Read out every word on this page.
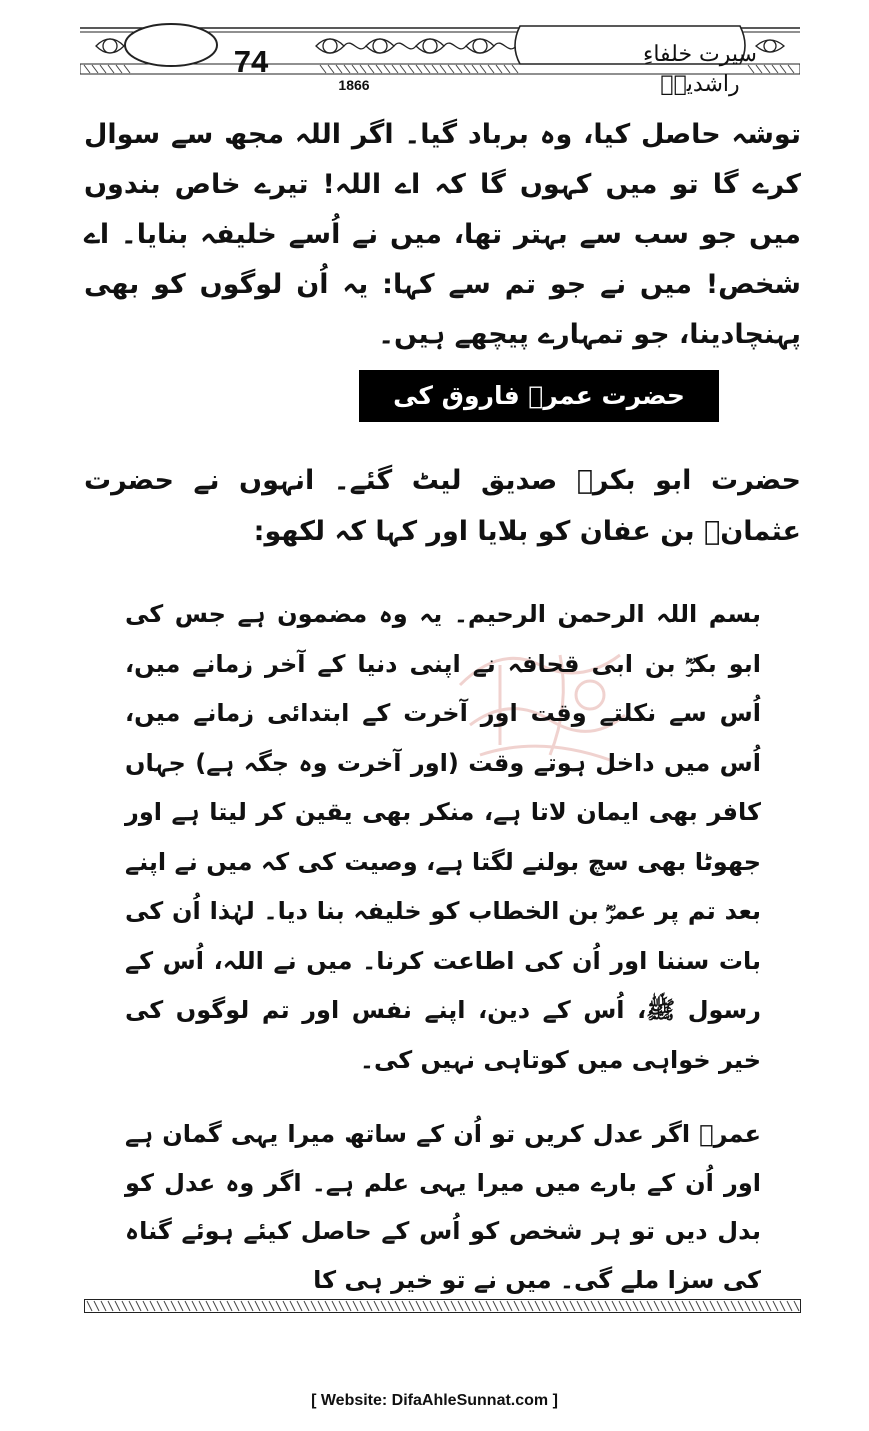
74
1866
سیرت خلفاءِ راشدینؓ
توشہ حاصل کیا، وہ برباد گیا۔ اگر اللہ مجھ سے سوال کرے گا تو میں کہوں گا کہ اے اللہ! تیرے خاص بندوں میں جو سب سے بہتر تھا، میں نے اُسے خلیفہ بنایا۔ اے شخص! میں نے جو تم سے کہا: یہ اُن لوگوں کو بھی پہنچادینا، جو تمہارے پیچھے ہیں۔
حضرت عمرؓ فاروق کی نامزدگی کا فرمان
حضرت ابو بکرؓ صدیق لیٹ گئے۔ انہوں نے حضرت عثمانؓ بن عفان کو بلایا اور کہا کہ لکھو:
بسم اللہ الرحمن الرحیم۔ یہ وہ مضمون ہے جس کی ابو بکرؓ بن ابی قحافہ نے اپنی دنیا کے آخر زمانے میں، اُس سے نکلتے وقت اور آخرت کے ابتدائی زمانے میں، اُس میں داخل ہوتے وقت (اور آخرت وہ جگہ ہے) جہاں کافر بھی ایمان لاتا ہے، منکر بھی یقین کر لیتا ہے اور جھوٹا بھی سچ بولنے لگتا ہے، وصیت کی کہ میں نے اپنے بعد تم پر عمرؓ بن الخطاب کو خلیفہ بنا دیا۔ لہٰذا اُن کی بات سننا اور اُن کی اطاعت کرنا۔ میں نے اللہ، اُس کے رسول ﷺ، اُس کے دین، اپنے نفس اور تم لوگوں کی خیر خواہی میں کوتاہی نہیں کی۔
عمرؓ اگر عدل کریں تو اُن کے ساتھ میرا یہی گمان ہے اور اُن کے بارے میں میرا یہی علم ہے۔ اگر وہ عدل کو بدل دیں تو ہر شخص کو اُس کے حاصل کیئے ہوئے گناہ کی سزا ملے گی۔ میں نے تو خیر ہی کا
[ Website: DifaAhleSunnat.com ]
